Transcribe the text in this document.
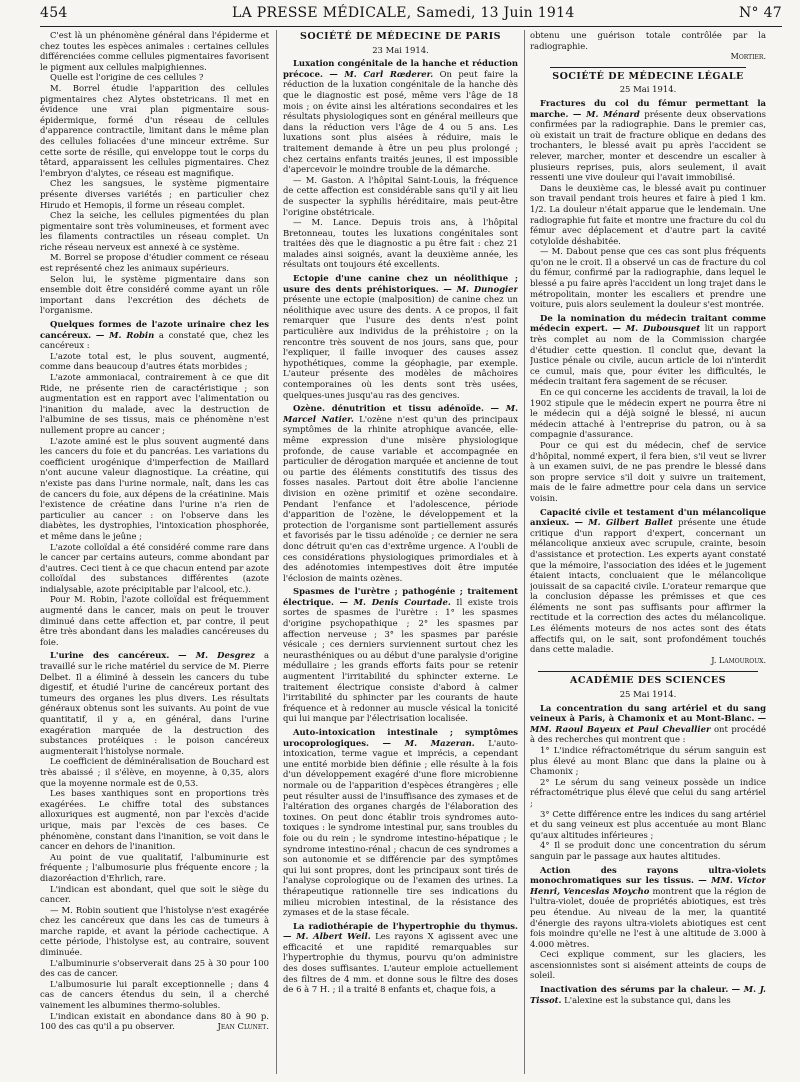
454	LA PRESSE MÉDICALE, Samedi, 13 Juin 1914	N° 47

C'est là un phénomène général dans l'épiderme et chez toutes les espèces animales : certaines cellules différenciées comme cellules pigmentaires favorisent le pigment aux cellules malpighiennes.

Quelle est l'origine de ces cellules ?

M. Borrel étudie l'apparition des cellules pigmentaires chez Alytes obstetricans. Il met en évidence une vrai plan pigmentaire sous-épidermique, formé d'un réseau de cellules d'apparence contractile, limitant dans le même plan des cellules foliacées d'une minceur extrême. Sur cette sorte de résille, qui enveloppe tout le corps du têtard, apparaissent les cellules pigmentaires. Chez l'embryon d'alytes, ce réseau est magnifique.

Chez les sangsues, le système pigmentaire présente diverses variétés ; en particulier chez Hirudo et Hemopis, il forme un réseau complet.

Chez la seiche, les cellules pigmentées du plan pigmentaire sont très volumineuses, et forment avec les filaments contractiles un réseau complet. Un riche réseau nerveux est annexé à ce système.

M. Borrel se propose d'étudier comment ce réseau est représenté chez les animaux supérieurs.

Selon lui, le système pigmentaire dans son ensemble doit être considéré comme ayant un rôle important dans l'excrétion des déchets de l'organisme.

Quelques formes de l'azote urinaire chez les cancéreux. — M. Robin a constaté que, chez les cancéreux :

L'azote total est, le plus souvent, augmenté, comme dans beaucoup d'autres états morbides ;

L'azote ammoniacal, contrairement à ce que dit Ride, ne présente rien de caractéristique ; son augmentation est en rapport avec l'alimentation ou l'inanition du malade, avec la destruction de l'albumine de ses tissus, mais ce phénomène n'est nullement propre au cancer ;

L'azote aminé est le plus souvent augmenté dans les cancers du foie et du pancréas. Les variations du coefficient urogénique d'imperfection de Maillard n'ont aucune valeur diagnostique. La créatine, qui n'existe pas dans l'urine normale, naît, dans les cas de cancers du foie, aux dépens de la créatinine. Mais l'existence de créatine dans l'urine n'a rien de particulier au cancer : on l'observe dans les diabètes, les dystrophies, l'intoxication phosphorée, et même dans le jeûne ;

L'azote colloïdal a été considéré comme rare dans le cancer par certains auteurs, comme abondant par d'autres. Ceci tient à ce que chacun entend par azote colloïdal des substances différentes (azote indialysable, azote précipitable par l'alcool, etc.).

Pour M. Robin, l'azote colloïdal est fréquemment augmenté dans le cancer, mais on peut le trouver diminué dans cette affection et, par contre, il peut être très abondant dans les maladies cancéreuses du foie.

L'urine des cancéreux. — M. Desgrez a travaillé sur le riche matériel du service de M. Pierre Delbet. Il a éliminé à dessein les cancers du tube digestif, et étudié l'urine de cancéreux portant des tumeurs des organes les plus divers. Les résultats généraux obtenus sont les suivants. Au point de vue quantitatif, il y a, en général, dans l'urine exagération marquée de la destruction des substances protéiques : le poison cancéreux augmenterait l'histolyse normale.

Le coefficient de déminéralisation de Bouchard est très abaissé ; il s'élève, en moyenne, à 0,35, alors que la moyenne normale est de 0,53.

Les bases xanthiques sont en proportions très exagérées. Le chiffre total des substances alloxuriques est augmenté, non par l'excès d'acide urique, mais par l'excès de ces bases. Ce phénomène, constant dans l'inanition, se voit dans le cancer en dehors de l'inanition.

Au point de vue qualitatif, l'albuminurie est fréquente ; l'albumosurie plus fréquente encore ; la diazoréaction d'Ehrlich, rare.

L'indican est abondant, quel que soit le siège du cancer.

— M. Robin soutient que l'histolyse n'est exagérée chez les cancéreux que dans les cas de tumeurs à marche rapide, et avant la période cachectique. A cette période, l'histolyse est, au contraire, souvent diminuée.

L'albuminurie s'observerait dans 25 à 30 pour 100 des cas de cancer.

L'albumosurie lui paraît exceptionnelle ; dans 4 cas de cancers étendus du sein, il a cherché vainement les albumines thermo-solubles.

L'indican existait en abondance dans 80 à 90 p. 100 des cas qu'il a pu observer.	Jean Clunet.

SOCIÉTÉ DE MÉDECINE DE PARIS
23 Mai 1914.

Luxation congénitale de la hanche et réduction précoce. — M. Carl Rœderer. On peut faire la réduction de la luxation congénitale de la hanche dès que le diagnostic est posé, même vers l'âge de 18 mois ; on évite ainsi les altérations secondaires et les résultats physiologiques sont en général meilleurs que dans la réduction vers l'âge de 4 ou 5 ans. Les luxations sont plus aisées à réduire, mais le traitement demande à être un peu plus prolongé ; chez certains enfants traités jeunes, il est impossible d'apercevoir le moindre trouble de la démarche.

— M. Gaston. A l'hôpital Saint-Louis, la fréquence de cette affection est considérable sans qu'il y ait lieu de suspecter la syphilis héréditaire, mais peut-être l'origine obstétricale.

— M. Lance. Depuis trois ans, à l'hôpital Bretonneau, toutes les luxations congénitales sont traitées dès que le diagnostic a pu être fait : chez 21 malades ainsi soignés, avant la deuxième année, les résultats ont toujours été excellents.

Ectopie d'une canine chez un néolithique ; usure des dents préhistoriques. — M. Dunogier présente une ectopie (malposition) de canine chez un néolithique avec usure des dents. A ce propos, il fait remarquer que l'usure des dents n'est point particulière aux individus de la préhistoire ; on la rencontre très souvent de nos jours, sans que, pour l'expliquer, il faille invoquer des causes assez hypothétiques, comme la géophagie, par exemple. L'auteur présente des modèles de mâchoires contemporaines où les dents sont très usées, quelques-unes jusqu'au ras des gencives.

Ozène. dénutrition et tissu adénoïde. — M. Marcel Natier. L'ozène n'est qu'un des principaux symptômes de la rhinite atrophique avancée, elle-même expression d'une misère physiologique profonde, de cause variable et accompagnée en particulier de dérogation marquée et ancienne de tout ou partie des éléments constitutifs des tissus des fosses nasales. Partout doit être abolie l'ancienne division en ozène primitif et ozène secondaire. Pendant l'enfance et l'adolescence, période d'apparition de l'ozène, le développement et la protection de l'organisme sont partiellement assurés et favorisés par le tissu adénoïde ; ce dernier ne sera donc détruit qu'en cas d'extrême urgence. A l'oubli de ces considérations physiologiques primordiales et à des adénotomies intempestives doit être imputée l'éclosion de maints ozènes.

Spasmes de l'urètre ; pathogénie ; traitement électrique. — M. Denis Courtade. Il existe trois sortes de spasmes de l'urètre : 1° les spasmes d'origine psychopathique ; 2° les spasmes par affection nerveuse ; 3° les spasmes par parésie vésicale ; ces derniers surviennent surtout chez les neurasthéniques ou au début d'une paralysie d'origine médullaire ; les grands efforts faits pour se retenir augmentent l'irritabilité du sphincter externe. Le traitement électrique consiste d'abord à calmer l'irritabilité du sphincter par les courants de haute fréquence et à redonner au muscle vésical la tonicité qui lui manque par l'électrisation localisée.

Auto-intoxication intestinale ; symptômes urocoprologiques. — M. Mazeran. L'auto-intoxication, terme vague et imprécis, a cependant une entité morbide bien définie ; elle résulte à la fois d'un développement exagéré d'une flore microbienne normale ou de l'apparition d'espèces étrangères ; elle peut résulter aussi de l'insuffisance des zymases et de l'altération des organes chargés de l'élaboration des toxines. On peut donc établir trois syndromes auto-toxiques : le syndrome intestinal pur, sans troubles du foie ou du rein ; le syndrome intestino-hépatique ; le syndrome intestino-rénal ; chacun de ces syndromes a son autonomie et se différencie par des symptômes qui lui sont propres, dont les principaux sont tirés de l'analyse coprologique ou de l'examen des urines. La thérapeutique rationnelle tire ses indications du milieu microbien intestinal, de la résistance des zymases et de la stase fécale.

La radiothérapie de l'hypertrophie du thymus. — M. Albert Weil. Les rayons X agissent avec une efficacité et une rapidité remarquables sur l'hypertrophie du thymus, pourvu qu'on administre des doses suffisantes. L'auteur emploie actuellement des filtres de 4 mm. et donne sous le filtre des doses de 6 à 7 H. ; il a traité 8 enfants et, chaque fois, a

obtenu une guérison totale contrôlée par la radiographie.

Mortier.
SOCIÉTÉ DE MÉDECINE LÉGALE
25 Mai 1914.

Fractures du col du fémur permettant la marche. — M. Ménard présente deux observations confirmées par la radiographie. Dans le premier cas, où existait un trait de fracture oblique en dedans des trochanters, le blessé avait pu après l'accident se relever, marcher, monter et descendre un escalier à plusieurs reprises, puis, alors seulement, il avait ressenti une vive douleur qui l'avait immobilisé.

Dans le deuxième cas, le blessé avait pu continuer son travail pendant trois heures et faire à pied 1 km. 1/2. La douleur n'était apparue que le lendemain. Une radiographie fut faite et montre une fracture du col du fémur avec déplacement et d'autre part la cavité cotyloïde déshabitée.

— M. Dabout pense que ces cas sont plus fréquents qu'on ne le croit. Il a observé un cas de fracture du col du fémur, confirmé par la radiographie, dans lequel le blessé a pu faire après l'accident un long trajet dans le métropolitain, monter les escaliers et prendre une voiture, puis alors seulement la douleur s'est montrée.

De la nomination du médecin traitant comme médecin expert. — M. Dubousquet lit un rapport très complet au nom de la Commission chargée d'étudier cette question. Il conclut que, devant la Justice pénale ou civile, aucun article de loi n'interdit ce cumul, mais que, pour éviter les difficultés, le médecin traitant fera sagement de se récuser.

En ce qui concerne les accidents de travail, la loi de 1902 stipule que le médecin expert ne pourra être ni le médecin qui a déjà soigné le blessé, ni aucun médecin attaché à l'entreprise du patron, ou à sa compagnie d'assurance.

Pour ce qui est du médecin, chef de service d'hôpital, nommé expert, il fera bien, s'il veut se livrer à un examen suivi, de ne pas prendre le blessé dans son propre service s'il doit y suivre un traitement, mais de le faire admettre pour cela dans un service voisin.

Capacité civile et testament d'un mélancolique anxieux. — M. Gilbert Ballet présente une étude critique d'un rapport d'expert, concernant un mélancolique anxieux avec scrupule, crainte, besoin d'assistance et protection. Les experts ayant constaté que la mémoire, l'association des idées et le jugement étaient intacts, concluaient que le mélancolique jouissait de sa capacité civile. L'orateur remarque que la conclusion dépasse les prémisses et que ces éléments ne sont pas suffisants pour affirmer la rectitude et la correction des actes du mélancolique. Les éléments moteurs de nos actes sont des états affectifs qui, on le sait, sont profondément touchés dans cette maladie.

J. Lamouroux.
ACADÉMIE DES SCIENCES
25 Mai 1914.

La concentration du sang artériel et du sang veineux à Paris, à Chamonix et au Mont-Blanc. — MM. Raoul Bayeux et Paul Chevallier ont procédé à des recherches qui montrent que :

1° L'indice réfractométrique du sérum sanguin est plus élevé au mont Blanc que dans la plaine ou à Chamonix ;

2° Le sérum du sang veineux possède un indice réfractométrique plus élevé que celui du sang artériel ;

3° Cette différence entre les indices du sang artériel et du sang veineux est plus accentuée au mont Blanc qu'aux altitudes inférieures ;

4° Il se produit donc une concentration du sérum sanguin par le passage aux hautes altitudes.

Action des rayons ultra-violets monochromatiques sur les tissus. — MM. Victor Henri, Venceslas Moycho montrent que la région de l'ultra-violet, douée de propriétés abiotiques, est très peu étendue. Au niveau de la mer, la quantité d'énergie des rayons ultra-violets abiotiques est cent fois moindre qu'elle ne l'est à une altitude de 3.000 à 4.000 mètres.

Ceci explique comment, sur les glaciers, les ascensionnistes sont si aisément atteints de coups de soleil.

Inactivation des sérums par la chaleur. — M. J. Tissot. L'alexine est la substance qui, dans les
